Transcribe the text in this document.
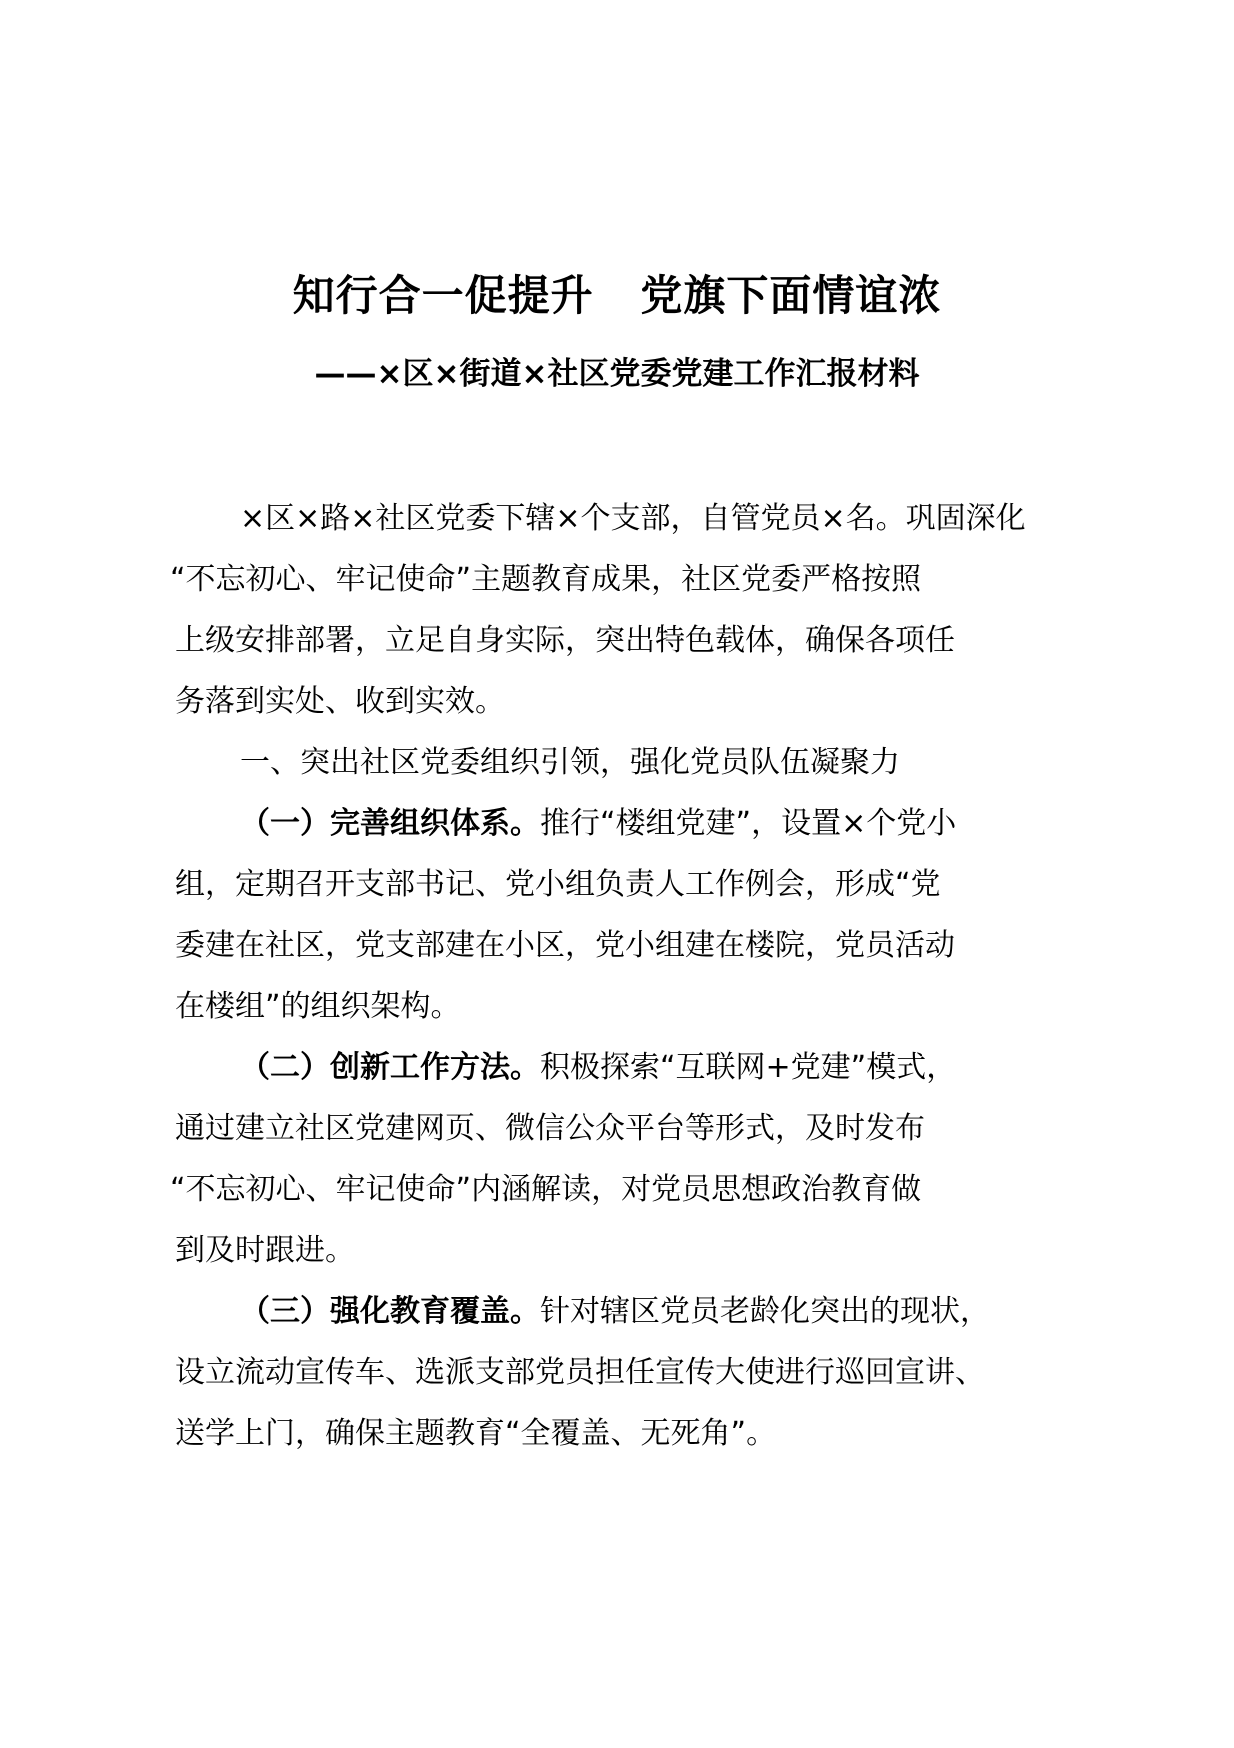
知行合一促提升   党旗下面情谊浓
——×区×街道×社区党委党建工作汇报材料
×区×路×社区党委下辖×个支部，自管党员×名。巩固深化
“不忘初心、牢记使命”主题教育成果，社区党委严格按照
上级安排部署，立足自身实际，突出特色载体，确保各项任
务落到实处、收到实效。
一、突出社区党委组织引领，强化党员队伍凝聚力
（一）完善组织体系。推行“楼组党建”，设置×个党小
组，定期召开支部书记、党小组负责人工作例会，形成“党
委建在社区，党支部建在小区，党小组建在楼院，党员活动
在楼组”的组织架构。
（二）创新工作方法。积极探索“互联网+党建”模式，
通过建立社区党建网页、微信公众平台等形式，及时发布
“不忘初心、牢记使命”内涵解读，对党员思想政治教育做
到及时跟进。
（三）强化教育覆盖。针对辖区党员老龄化突出的现状，
设立流动宣传车、选派支部党员担任宣传大使进行巡回宣讲、
送学上门，确保主题教育“全覆盖、无死角”。
